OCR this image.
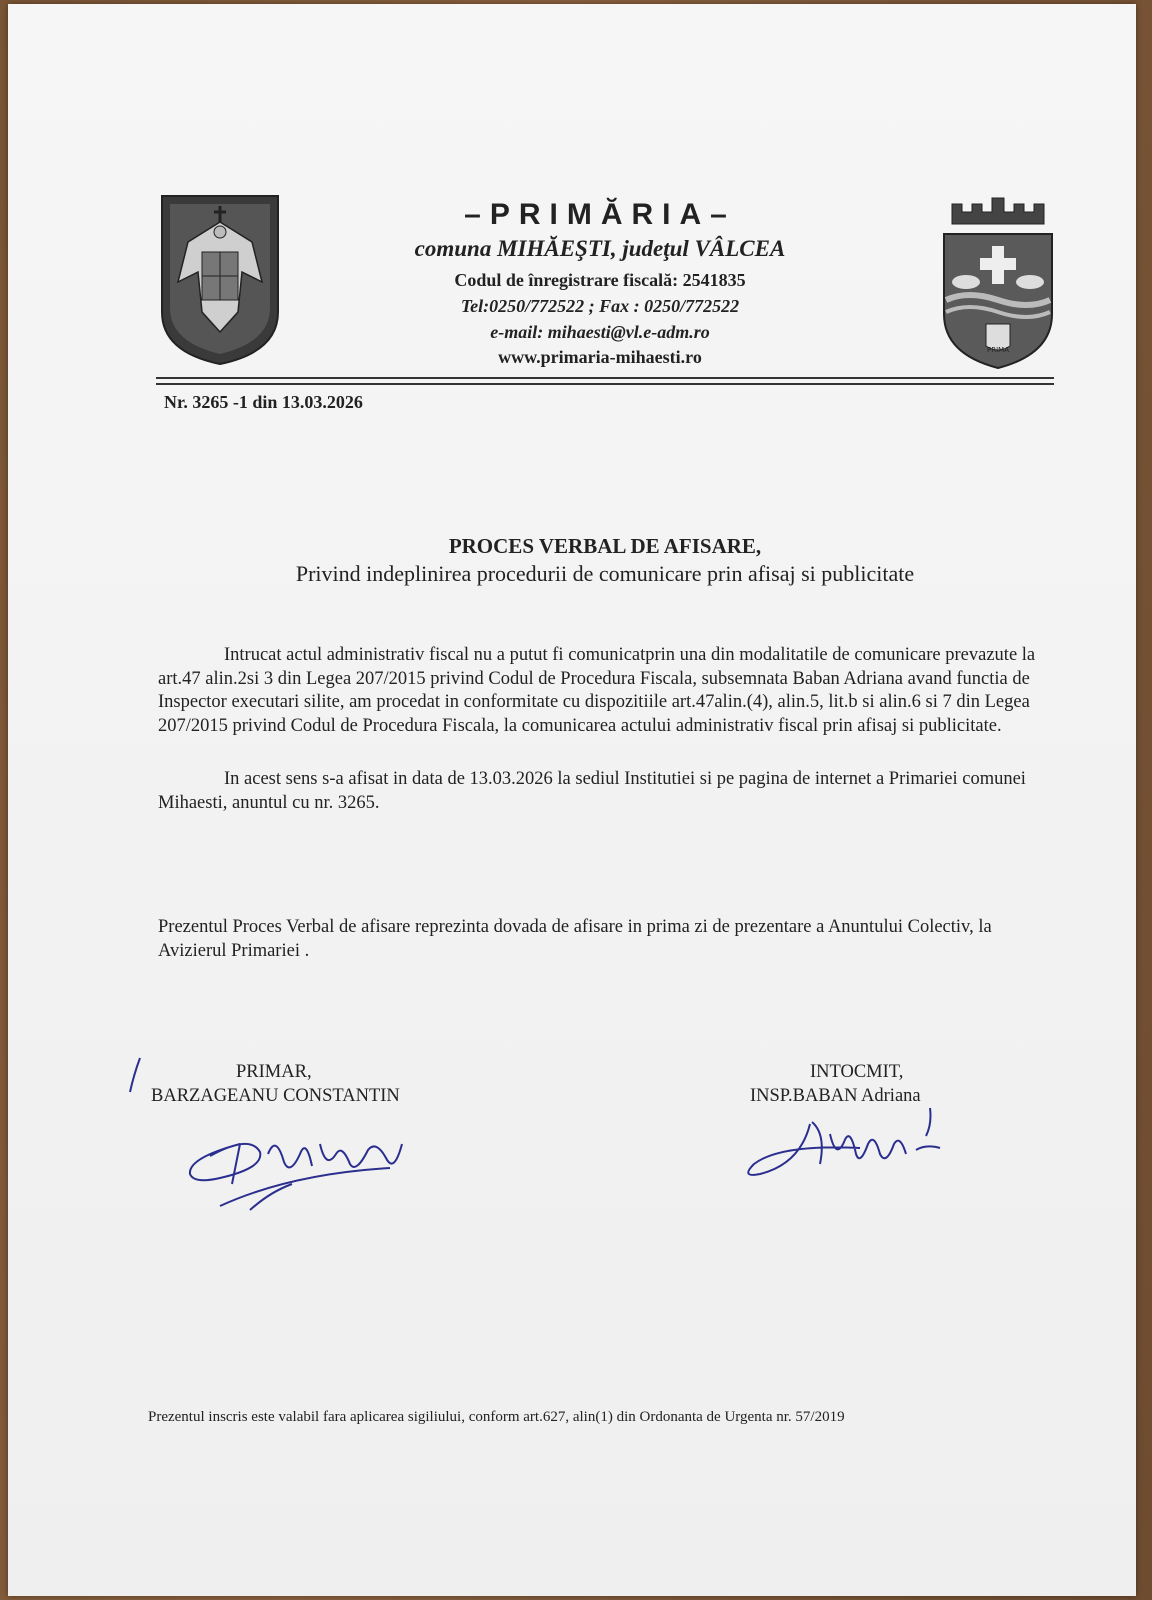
–PRIMĂRIA–
comuna MIHĂEŞTI, judeţul VÂLCEA
Codul de înregistrare fiscală: 2541835
Tel:0250/772522 ; Fax : 0250/772522
e-mail: mihaesti@vl.e-adm.ro
www.primaria-mihaesti.ro	PRIMA
Nr. 3265 -1 din 13.03.2026
PROCES VERBAL DE AFISARE,
Privind indeplinirea procedurii de comunicare prin afisaj si publicitate
Intrucat actul administrativ fiscal nu a putut fi comunicatprin una din modalitatile de comunicare prevazute la art.47 alin.2si 3 din Legea 207/2015 privind Codul de Procedura Fiscala, subsemnata Baban Adriana avand functia de Inspector executari silite, am procedat in conformitate cu dispozitiile art.47alin.(4), alin.5, lit.b si alin.6 si 7 din Legea 207/2015 privind Codul de Procedura Fiscala, la comunicarea actului administrativ fiscal prin afisaj si publicitate.
In acest sens s-a afisat in data de 13.03.2026 la sediul Institutiei si pe pagina de internet a Primariei comunei Mihaesti, anuntul cu nr. 3265.
Prezentul Proces Verbal de afisare reprezinta dovada de afisare in prima zi de prezentare a Anuntului Colectiv, la Avizierul Primariei .
PRIMAR,
BARZAGEANU CONSTANTIN
INTOCMIT,
INSP.BABAN Adriana
Prezentul inscris este valabil fara aplicarea sigiliului, conform art.627, alin(1) din Ordonanta de Urgenta nr. 57/2019
